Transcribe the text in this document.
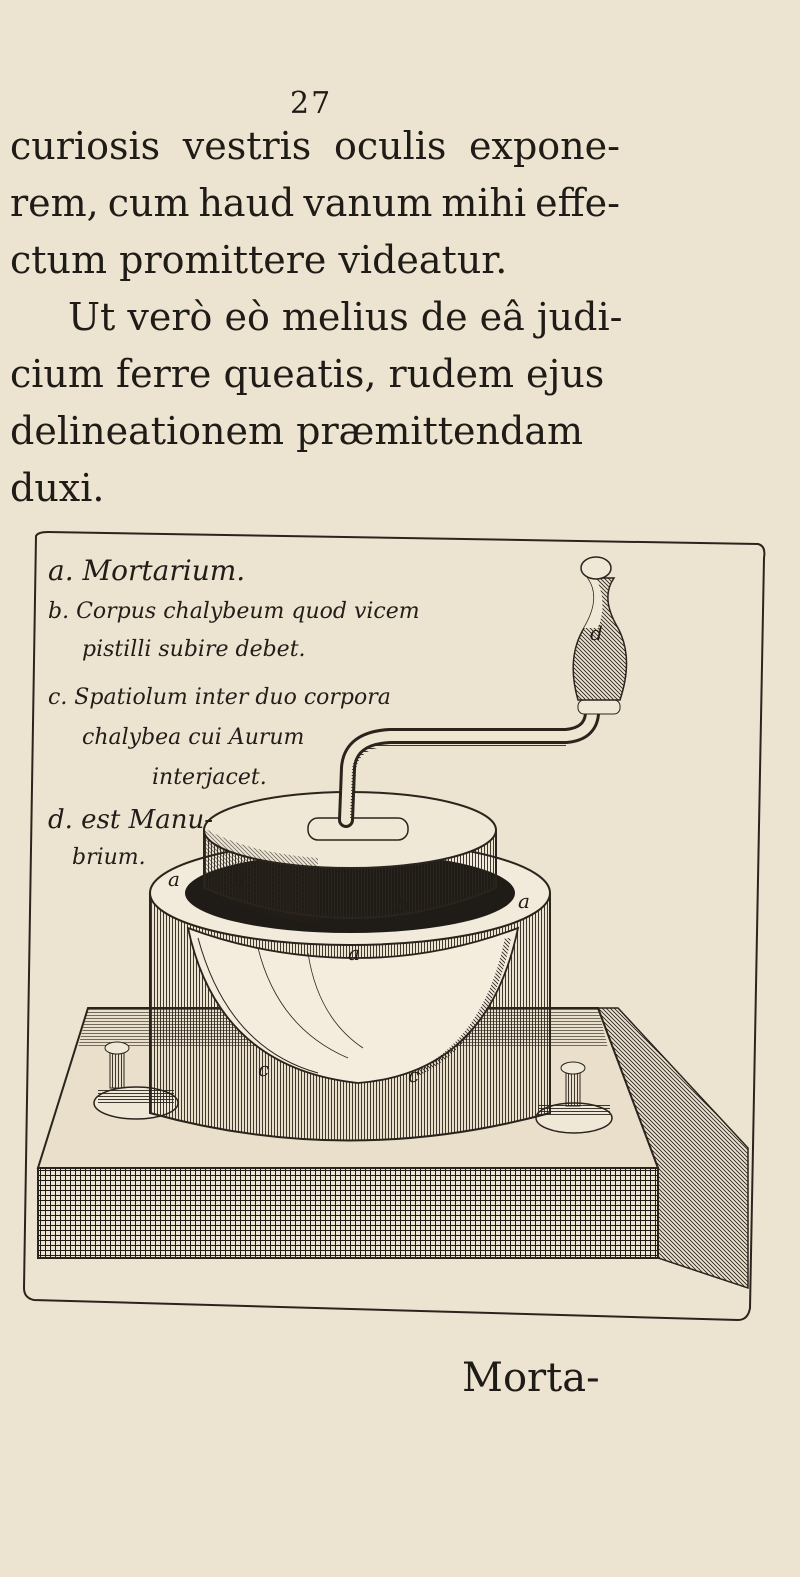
27
curiosis vestris oculis expone-
rem, cum haud vanum mihi effe-
ctum promittere videatur.
Ut verò eò melius de eâ judi-
cium ferre queatis, rudem ejus
delineationem præmittendam
duxi.
a. Mortarium.
b. Corpus chalybeum quod vicem
pistilli subire debet.
c. Spatiolum inter duo corpora
chalybea cui Aurum
interjacet.
d. est Manu-
brium.
a
a
a
b
b
c	c
d
Morta-
